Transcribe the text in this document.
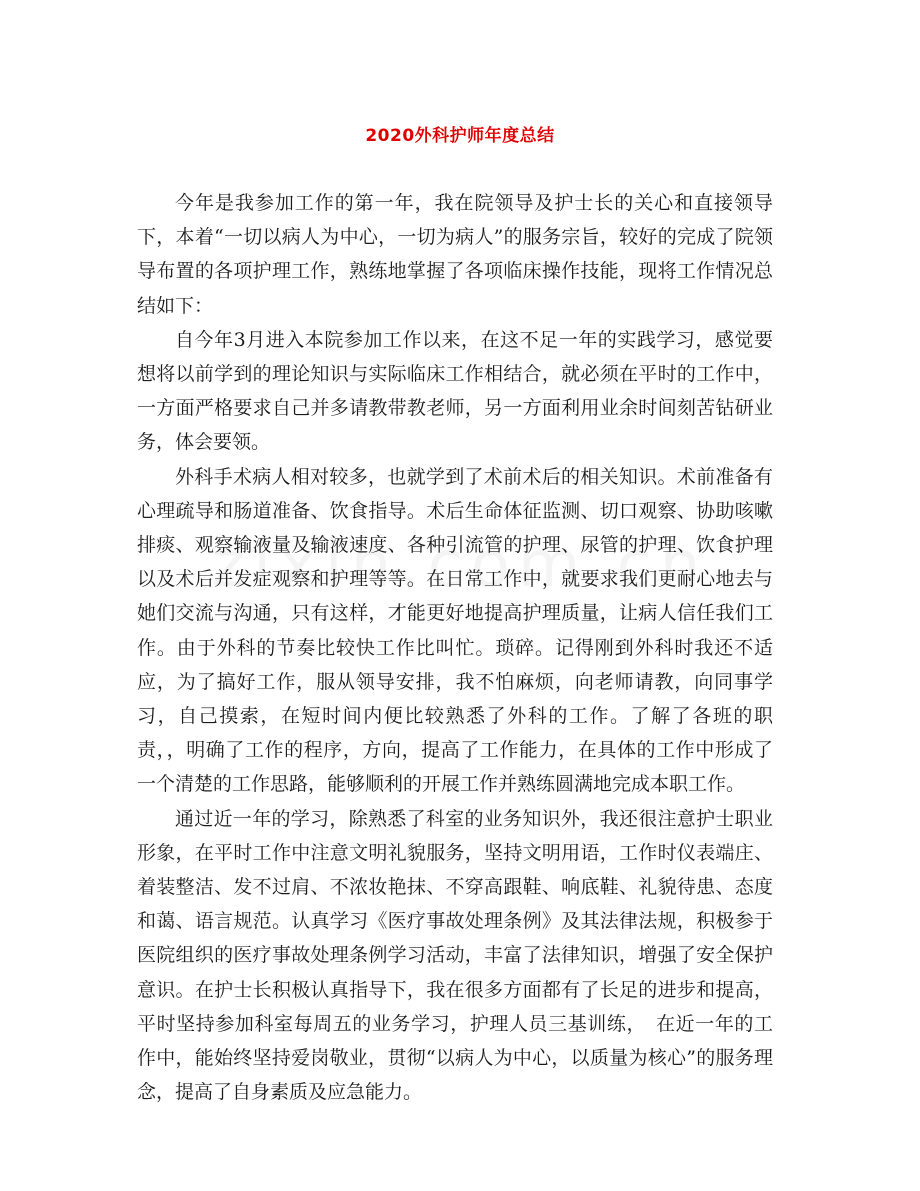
2020外科护师年度总结

今年是我参加工作的第一年，我在院领导及护士长的关心和直接领导下，本着“一切以病人为中心，一切为病人”的服务宗旨，较好的完成了院领导布置的各项护理工作，熟练地掌握了各项临床操作技能，现将工作情况总结如下：

自今年3月进入本院参加工作以来，在这不足一年的实践学习，感觉要想将以前学到的理论知识与实际临床工作相结合，就必须在平时的工作中，一方面严格要求自己并多请教带教老师，另一方面利用业余时间刻苦钻研业务，体会要领。

外科手术病人相对较多，也就学到了术前术后的相关知识。术前准备有心理疏导和肠道准备、饮食指导。术后生命体征监测、切口观察、协助咳嗽排痰、观察输液量及输液速度、各种引流管的护理、尿管的护理、饮食护理以及术后并发症观察和护理等等。在日常工作中，就要求我们更耐心地去与她们交流与沟通，只有这样，才能更好地提高护理质量，让病人信任我们工作。由于外科的节奏比较快工作比叫忙。琐碎。记得刚到外科时我还不适应，为了搞好工作，服从领导安排，我不怕麻烦，向老师请教，向同事学习，自己摸索，在短时间内便比较熟悉了外科的工作。了解了各班的职责，，明确了工作的程序，方向，提高了工作能力，在具体的工作中形成了一个清楚的工作思路，能够顺利的开展工作并熟练圆满地完成本职工作。

通过近一年的学习，除熟悉了科室的业务知识外，我还很注意护士职业形象，在平时工作中注意文明礼貌服务，坚持文明用语，工作时仪表端庄、着装整洁、发不过肩、不浓妆艳抹、不穿高跟鞋、响底鞋、礼貌待患、态度和蔼、语言规范。认真学习《医疗事故处理条例》及其法律法规，积极参于医院组织的医疗事故处理条例学习活动，丰富了法律知识，增强了安全保护意识。在护士长积极认真指导下，我在很多方面都有了长足的进步和提高，平时坚持参加科室每周五的业务学习，护理人员三基训练，　在近一年的工作中，能始终坚持爱岗敬业，贯彻“以病人为中心，以质量为核心”的服务理念，提高了自身素质及应急能力。
